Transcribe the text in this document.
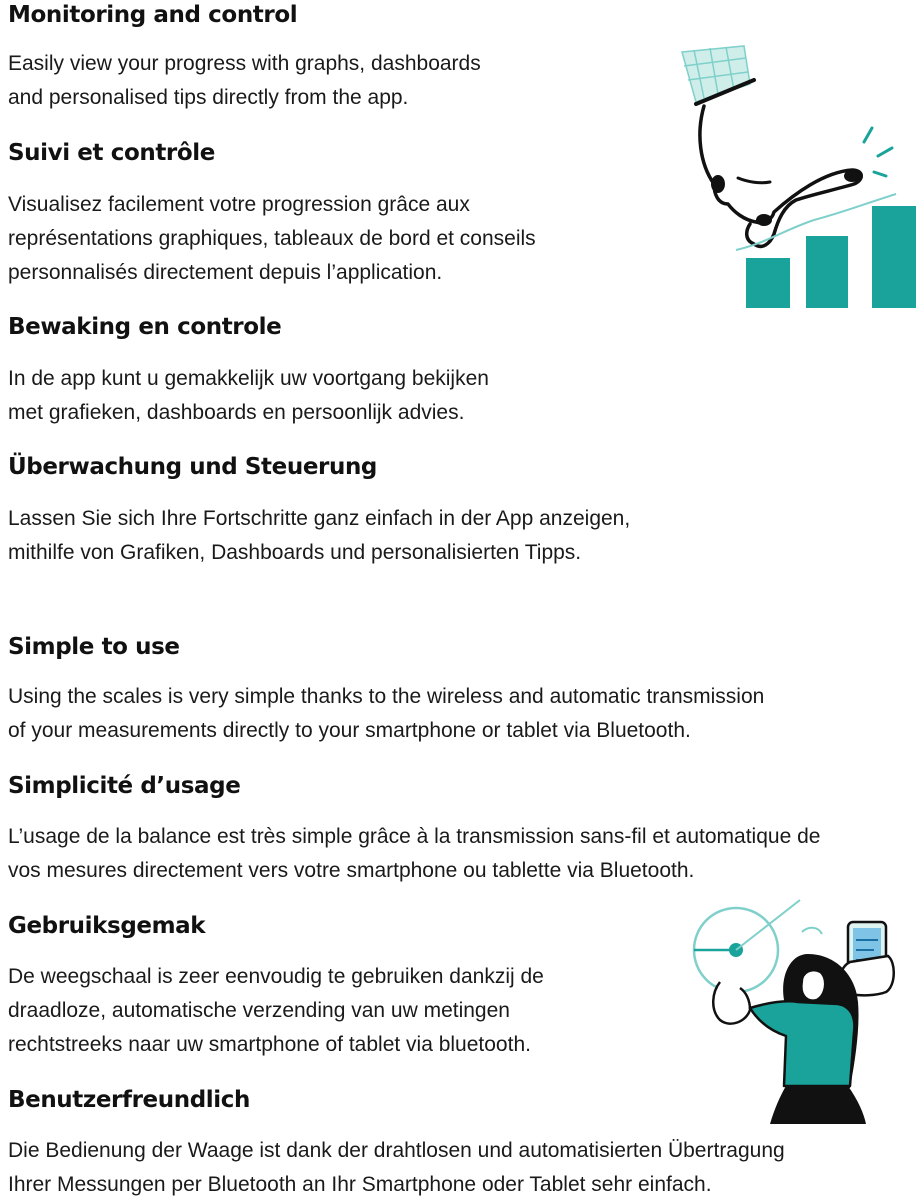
Monitoring and control

Easily view your progress with graphs, dashboards
and personalised tips directly from the app.

Suivi et contrôle

Visualisez facilement votre progression grâce aux
représentations graphiques, tableaux de bord et conseils
personnalisés directement depuis l’application.

Bewaking en controle

In de app kunt u gemakkelijk uw voortgang bekijken
met grafieken, dashboards en persoonlijk advies.

Überwachung und Steuerung

Lassen Sie sich Ihre Fortschritte ganz einfach in der App anzeigen,
mithilfe von Grafiken, Dashboards und personalisierten Tipps.

Simple to use

Using the scales is very simple thanks to the wireless and automatic transmission
of your measurements directly to your smartphone or tablet via Bluetooth.

Simplicité d’usage

L’usage de la balance est très simple grâce à la transmission sans-fil et automatique de
vos mesures directement vers votre smartphone ou tablette via Bluetooth.

Gebruiksgemak

De weegschaal is zeer eenvoudig te gebruiken dankzij de
draadloze, automatische verzending van uw metingen
rechtstreeks naar uw smartphone of tablet via bluetooth.

Benutzerfreundlich

Die Bedienung der Waage ist dank der drahtlosen und automatisierten Übertragung
Ihrer Messungen per Bluetooth an Ihr Smartphone oder Tablet sehr einfach.
